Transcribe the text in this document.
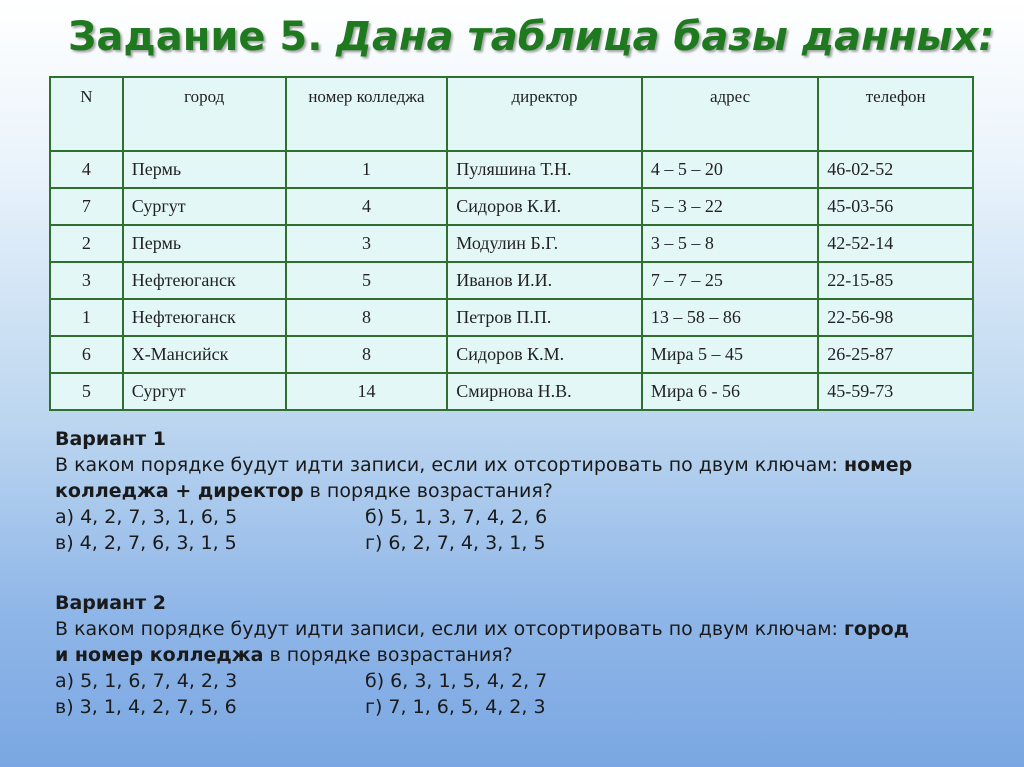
Задание 5. Дана таблица базы данных:
N	город	номер колледжа	директор	адрес	телефон
4	Пермь	1	Пуляшина Т.Н.	4 – 5 – 20	46-02-52
7	Сургут	4	Сидоров К.И.	5 – 3 – 22	45-03-56
2	Пермь	3	Модулин Б.Г.	3 – 5 – 8	42-52-14
3	Нефтеюганск	5	Иванов И.И.	7 – 7 – 25	22-15-85
1	Нефтеюганск	8	Петров П.П.	13 – 58 – 86	22-56-98
6	Х-Мансийск	8	Сидоров К.М.	Мира 5 – 45	26-25-87
5	Сургут	14	Смирнова Н.В.	Мира 6 - 56	45-59-73
Вариант 1
В каком порядке будут идти записи, если их отсортировать по двум ключам: номер
колледжа + директор в порядке возрастания?
а) 4, 2, 7, 3, 1, 6, 5	б) 5, 1, 3, 7, 4, 2, 6
в) 4, 2, 7, 6, 3, 1, 5	г) 6, 2, 7, 4, 3, 1, 5
Вариант 2
В каком порядке будут идти записи, если их отсортировать по двум ключам: город
и номер колледжа в порядке возрастания?
а) 5, 1, 6, 7, 4, 2, 3	б) 6, 3, 1, 5, 4, 2, 7
в) 3, 1, 4, 2, 7, 5, 6	г) 7, 1, 6, 5, 4, 2, 3
